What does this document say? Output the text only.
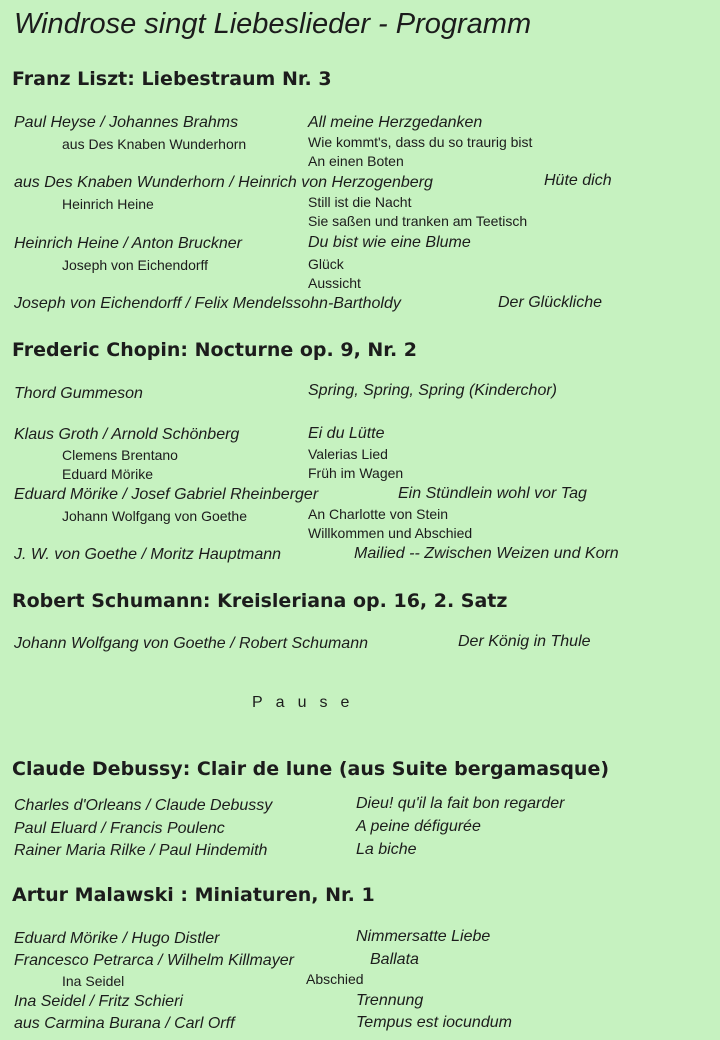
Windrose singt Liebeslieder - Programm
Franz Liszt: Liebestraum Nr. 3
Paul Heyse / Johannes Brahms	All meine Herzgedanken
aus Des Knaben Wunderhorn	Wie kommt's, dass du so traurig bist
An einen Boten
aus Des Knaben Wunderhorn / Heinrich von Herzogenberg	Hüte dich
Heinrich Heine	Still ist die Nacht
Sie saßen und tranken am Teetisch
Heinrich Heine / Anton Bruckner	Du bist wie eine Blume
Joseph von Eichendorff	Glück
Aussicht
Joseph von Eichendorff / Felix Mendelssohn-Bartholdy	Der Glückliche
Frederic Chopin: Nocturne op. 9, Nr. 2
Thord Gummeson	Spring, Spring, Spring (Kinderchor)
Klaus Groth / Arnold Schönberg	Ei du Lütte
Clemens Brentano	Valerias Lied
Eduard Mörike	Früh im Wagen
Eduard Mörike / Josef Gabriel Rheinberger	Ein Stündlein wohl vor Tag
Johann Wolfgang von Goethe	An Charlotte von Stein
Willkommen und Abschied
J. W. von Goethe / Moritz Hauptmann	Mailied -- Zwischen Weizen und Korn
Robert Schumann: Kreisleriana op. 16, 2. Satz
Johann Wolfgang von Goethe / Robert Schumann	Der König in Thule
Pause
Claude Debussy: Clair de lune (aus Suite bergamasque)
Charles d'Orleans / Claude Debussy	Dieu! qu'il la fait bon regarder
Paul Eluard / Francis Poulenc	A peine défigurée
Rainer Maria Rilke / Paul Hindemith	La biche
Artur Malawski : Miniaturen, Nr. 1
Eduard Mörike / Hugo Distler	Nimmersatte Liebe
Francesco Petrarca / Wilhelm Killmayer	Ballata
Ina Seidel	Abschied
Ina Seidel / Fritz Schieri	Trennung
aus Carmina Burana / Carl Orff	Tempus est iocundum
